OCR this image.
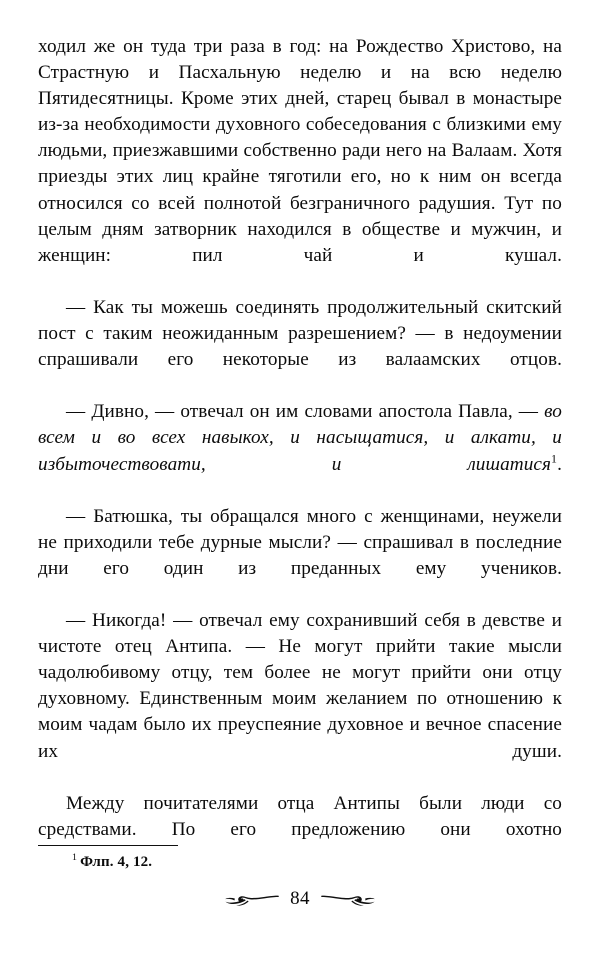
ходил же он туда три раза в год: на Рождество Христово, на Страстную и Пасхальную неделю и на всю неделю Пятидесятницы. Кроме этих дней, старец бывал в монастыре из-за необходимости духовного собеседования с близкими ему людьми, приезжавшими собственно ради него на Валаам. Хотя приезды этих лиц крайне тяготили его, но к ним он всегда относился со всей полнотой безграничного радушия. Тут по целым дням затворник находился в обществе и мужчин, и женщин: пил чай и кушал.

— Как ты можешь соединять продолжительный скитский пост с таким неожиданным разрешением? — в недоумении спрашивали его некоторые из валаамских отцов.

— Дивно, — отвечал он им словами апостола Павла, — во всем и во всех навыкох, и насыщатися, и алкати, и избыточествовати, и лишатися$^1$.

— Батюшка, ты обращался много с женщинами, неужели не приходили тебе дурные мысли? — спрашивал в последние дни его один из преданных ему учеников.

— Никогда! — отвечал ему сохранивший себя в девстве и чистоте отец Антипа. — Не могут прийти такие мысли чадолюбивому отцу, тем более не могут прийти они отцу духовному. Единственным моим желанием по отношению к моим чадам было их преуспеяние духовное и вечное спасение их души.

Между почитателями отца Антипы были люди со средствами. По его предложению они охотно

$^1$ Флп. 4, 12.

84
